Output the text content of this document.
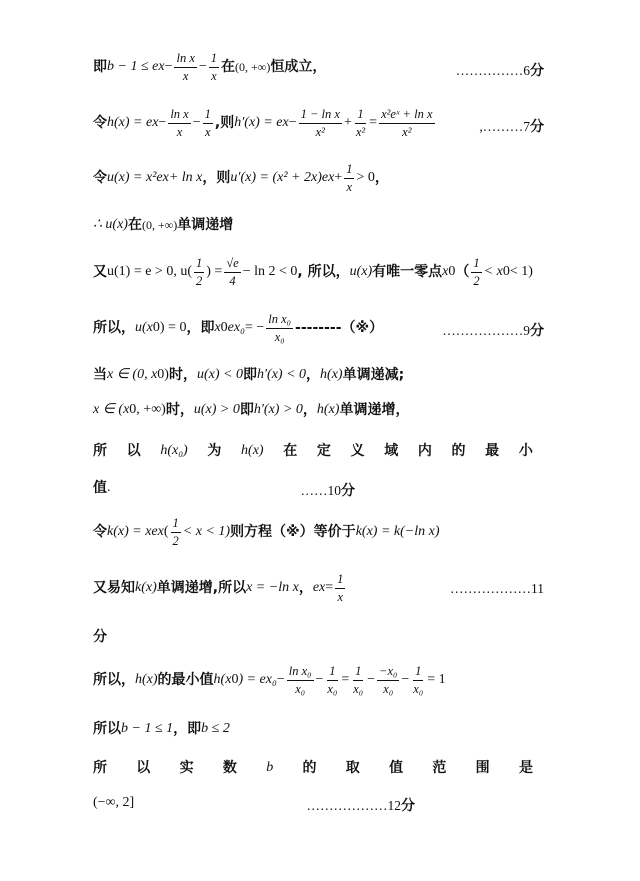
即 b − 1 ≤ e $x - \frac{\text{ln x}}{x} - \frac{1}{x}$ 在 (0, +∞) 恒成立，	……………6分
令 h(x) = e $x - \frac{\text{ln x}}{x} - \frac{1}{x}$ ,则 h′(x) = e $x - \frac{\text{1 − ln x}}{\text{x²}} + \frac{1}{\text{x²}} = \frac{\text{x²eˣ + ln x}}{\text{x²}}$	,………7分
令 u(x) = x²e x + ln x ，则 u′(x) = (x² + 2x)e $x + \frac{1}{x} > 0$ ，
∴ u(x) 在 (0, +∞) 单调递增
又 u(1) = e > 0, $u( \frac{1}{2}$ ) = $\frac{√e}{4} - \ln 2 < 0$ , 所以， u(x) 有唯一零点 x 0 （ $\frac{1}{2} < x$ 0 < 1)
所以， u(x 0 ) = 0 ，即 x 0 e x₀ = − $\frac{\text{ln x₀}}{\text{x₀}}$ --------（※）	………………9分
当 x ∈ (0, x 0 ) 时， u(x) < 0 即 h′(x) < 0 ， h(x) 单调递减;
x ∈ (x 0 , +∞) 时， u(x) > 0 即 h′(x) > 0 ， h(x) 单调递增，
所 以 h(x₀) 为 h(x) 在 定 义 域 内 的 最 小
值 .	……10分
令 k(x) = xe x ( $\frac{1}{2} < x < 1$) 则方程（※）等价于 k(x) = k(−ln x)
又易知 k(x) 单调递增,所以 x = −ln x ， e $x = \frac{1}{x}$	………………11
分
所以， h(x) 的最小值 h(x 0 ) = e $x_0 - \frac{\text{ln x₀}}{\text{x₀}} - \frac{1}{\text{x₀}} = \frac{1}{\text{x₀}} - \frac{\text{−x₀}}{\text{x₀}} - \frac{1}{\text{x₀}} = 1$
所以 b − 1 ≤ 1 ，即 b ≤ 2
所 以 实 数 b 的 取 值 范 围 是
(−∞, 2]	………………12分
